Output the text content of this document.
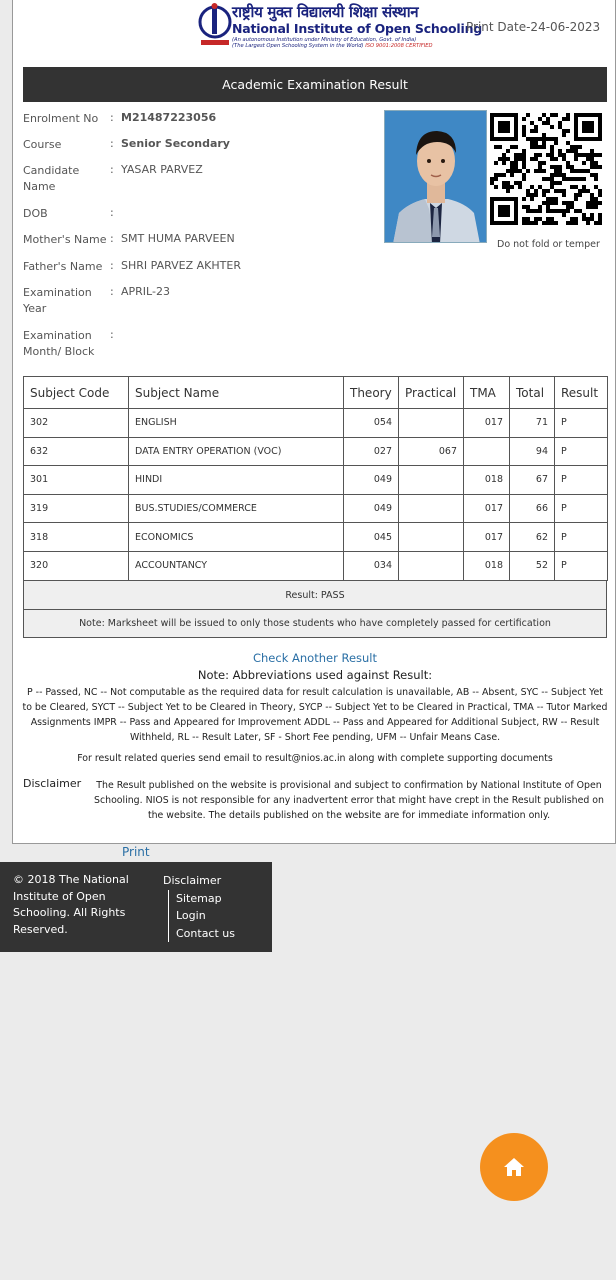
राष्ट्रीय मुक्त विद्यालयी शिक्षा संस्थान
National Institute of Open Schooling
(An autonomous Institution under Ministry of Education, Govt. of India)
(The Largest Open Schooling System in the World) ISO 9001:2008 CERTIFIED
Print Date-24-06-2023
Academic Examination Result
Enrolment No : M21487223056
Course	: Senior Secondary
Candidate
Name
: YASAR PARVEZ
DOB	:
Mother's Name : SMT HUMA PARVEEN
Father's Name : SHRI PARVEZ AKHTER
Examination
Year
: APRIL-23
Examination
Month/ Block
:
Do not fold or temper
Subject Code	Subject Name	Theory	Practical	TMA	Total	Result
302	ENGLISH	054		017	71	P
632	DATA ENTRY OPERATION (VOC)	027	067		94	P
301	HINDI	049		018	67	P
319	BUS.STUDIES/COMMERCE	049		017	66	P
318	ECONOMICS	045		017	62	P
320	ACCOUNTANCY	034		018	52	P
Result: PASS
Note: Marksheet will be issued to only those students who have completely passed for certification
Check Another Result
Note: Abbreviations used against Result:
P -- Passed, NC -- Not computable as the required data for result calculation is unavailable, AB -- Absent, SYC -- Subject Yet to be Cleared, SYCT -- Subject Yet to be Cleared in Theory, SYCP -- Subject Yet to be Cleared in Practical, TMA -- Tutor Marked Assignments IMPR -- Pass and Appeared for Improvement ADDL -- Pass and Appeared for Additional Subject, RW -- Result Withheld, RL -- Result Later, SF - Short Fee pending, UFM -- Unfair Means Case.
For result related queries send email to result@nios.ac.in along with complete supporting documents
Disclaimer	The Result published on the website is provisional and subject to confirmation by National Institute of Open Schooling. NIOS is not responsible for any inadvertent error that might have crept in the Result published on the website. The details published on the website are for immediate information only.
Print
© 2018 The National Institute of Open Schooling. All Rights Reserved.
Disclaimer
Sitemap
Login
Contact us
